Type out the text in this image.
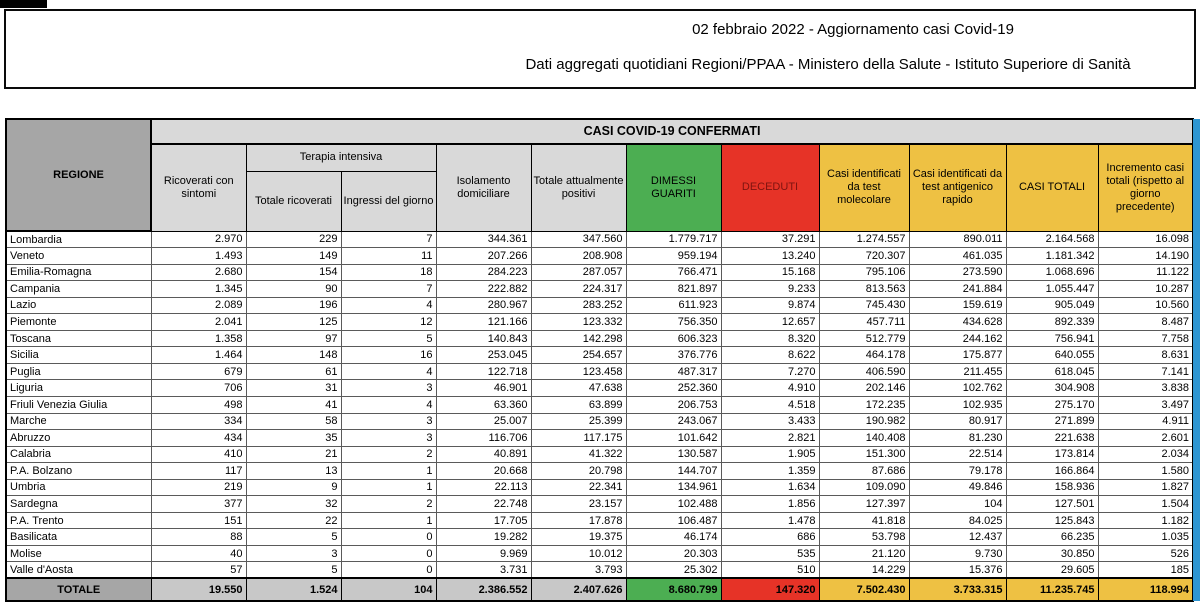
02 febbraio 2022 - Aggiornamento casi Covid-19
Dati aggregati quotidiani Regioni/PPAA - Ministero della Salute - Istituto Superiore di Sanità
REGIONE	CASI COVID-19 CONFERMATI										
	Ricoverati con sintomi	Terapia intensiva		Isolamento domiciliare	Totale attualmente positivi	DIMESSI GUARITI	DECEDUTI	Casi identificati da test molecolare	Casi identificati da test antigenico rapido	CASI TOTALI	Incremento casi totali (rispetto al giorno precedente)
		Totale ricoverati	Ingressi del giorno								
Lombardia	2.970	229	7	344.361	347.560	1.779.717	37.291	1.274.557	890.011	2.164.568	16.098
Veneto	1.493	149	11	207.266	208.908	959.194	13.240	720.307	461.035	1.181.342	14.190
Emilia-Romagna	2.680	154	18	284.223	287.057	766.471	15.168	795.106	273.590	1.068.696	11.122
Campania	1.345	90	7	222.882	224.317	821.897	9.233	813.563	241.884	1.055.447	10.287
Lazio	2.089	196	4	280.967	283.252	611.923	9.874	745.430	159.619	905.049	10.560
Piemonte	2.041	125	12	121.166	123.332	756.350	12.657	457.711	434.628	892.339	8.487
Toscana	1.358	97	5	140.843	142.298	606.323	8.320	512.779	244.162	756.941	7.758
Sicilia	1.464	148	16	253.045	254.657	376.776	8.622	464.178	175.877	640.055	8.631
Puglia	679	61	4	122.718	123.458	487.317	7.270	406.590	211.455	618.045	7.141
Liguria	706	31	3	46.901	47.638	252.360	4.910	202.146	102.762	304.908	3.838
Friuli Venezia Giulia	498	41	4	63.360	63.899	206.753	4.518	172.235	102.935	275.170	3.497
Marche	334	58	3	25.007	25.399	243.067	3.433	190.982	80.917	271.899	4.911
Abruzzo	434	35	3	116.706	117.175	101.642	2.821	140.408	81.230	221.638	2.601
Calabria	410	21	2	40.891	41.322	130.587	1.905	151.300	22.514	173.814	2.034
P.A. Bolzano	117	13	1	20.668	20.798	144.707	1.359	87.686	79.178	166.864	1.580
Umbria	219	9	1	22.113	22.341	134.961	1.634	109.090	49.846	158.936	1.827
Sardegna	377	32	2	22.748	23.157	102.488	1.856	127.397	104	127.501	1.504
P.A. Trento	151	22	1	17.705	17.878	106.487	1.478	41.818	84.025	125.843	1.182
Basilicata	88	5	0	19.282	19.375	46.174	686	53.798	12.437	66.235	1.035
Molise	40	3	0	9.969	10.012	20.303	535	21.120	9.730	30.850	526
Valle d'Aosta	57	5	0	3.731	3.793	25.302	510	14.229	15.376	29.605	185
TOTALE	19.550	1.524	104	2.386.552	2.407.626	8.680.799	147.320	7.502.430	3.733.315	11.235.745	118.994
